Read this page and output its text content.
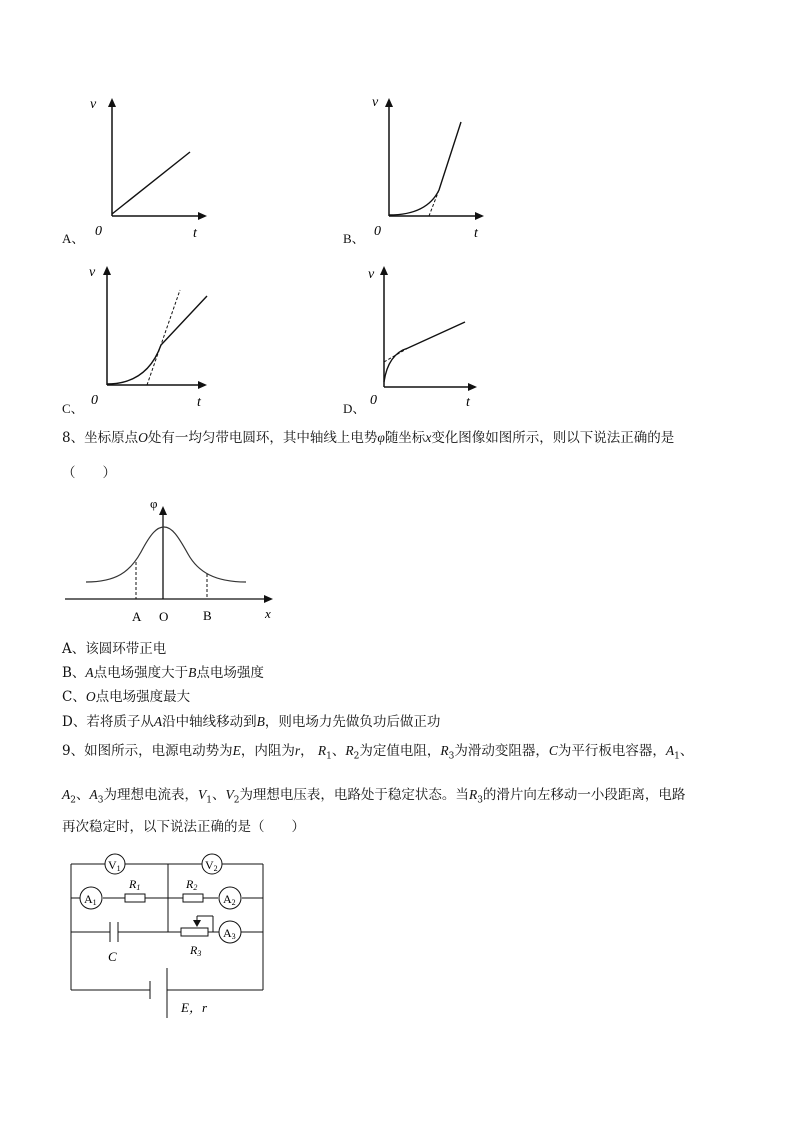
v
0	t
A、
v
0	t
B、
v
0	t
C、
v
0	t
D、
8、坐标原点O处有一均匀带电圆环，其中轴线上电势φ随坐标x变化图像如图所示，则以下说法正确的是
（　　）
φ
x
A O	B
A、该圆环带正电
B、A点电场强度大于B点电场强度
C、O点电场强度最大
D、若将质子从A沿中轴线移动到B，则电场力先做负功后做正功
9、如图所示，电源电动势为E，内阻为r， $R_1$、$R_2$为定值电阻，$R_3$为滑动变阻器，C为平行板电容器，$A_1$、
$A_2$、$A_3$为理想电流表，$V_1$、$V_2$为理想电压表，电路处于稳定状态。当$R_3$的滑片向左移动一小段距离，电路
再次稳定时，以下说法正确的是（　　）
V1	V2
A1	A2
A3
R1	R2
R3
C
E，r
